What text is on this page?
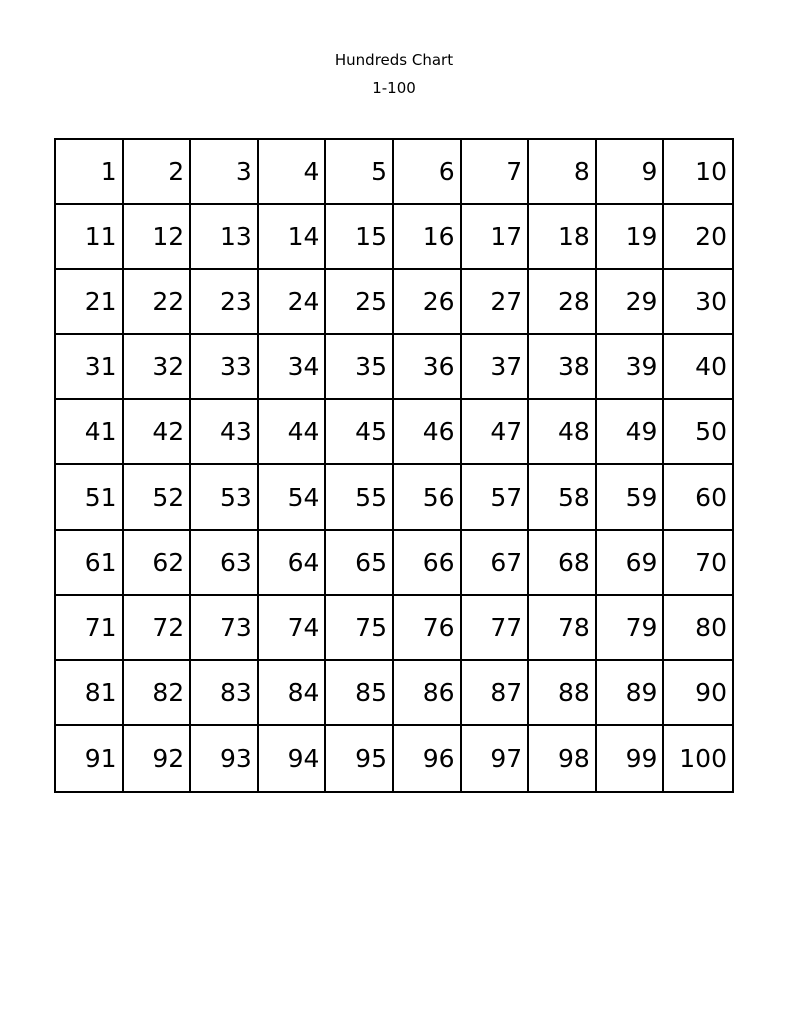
Hundreds Chart
1-100
1	2	3	4	5	6	7	8	9	10
11	12	13	14	15	16	17	18	19	20
21	22	23	24	25	26	27	28	29	30
31	32	33	34	35	36	37	38	39	40
41	42	43	44	45	46	47	48	49	50
51	52	53	54	55	56	57	58	59	60
61	62	63	64	65	66	67	68	69	70
71	72	73	74	75	76	77	78	79	80
81	82	83	84	85	86	87	88	89	90
91	92	93	94	95	96	97	98	99 100
